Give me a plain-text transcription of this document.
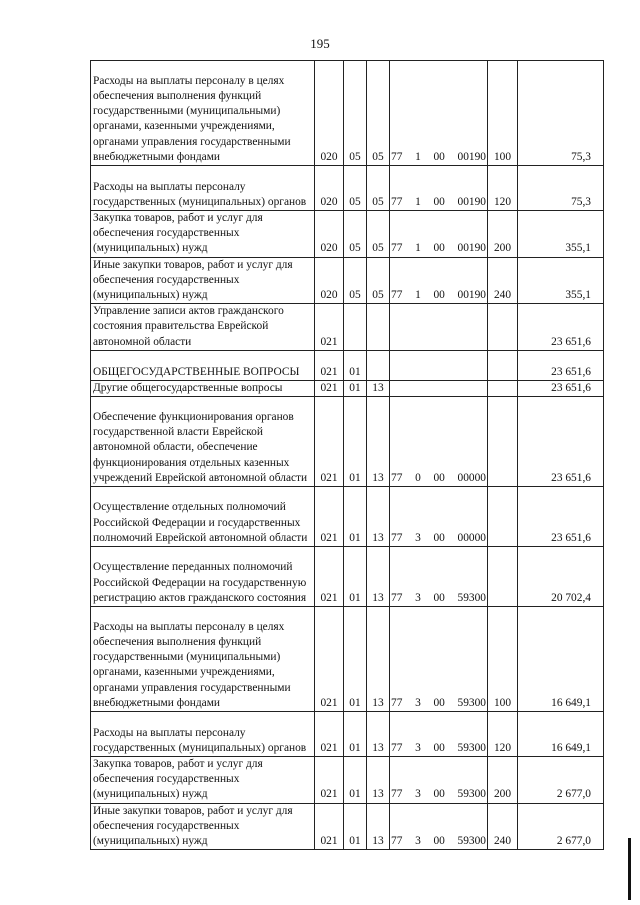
195
Расходы на выплаты персоналу в целях обеспечения выполнения функций государственными (муниципальными) органами, казенными учреждениями, органами управления государственными внебюджетными фондами	020	05	05	77 1 00 00190	100	75,3
Расходы на выплаты персоналу государственных (муниципальных) органов	020	05	05	77 1 00 00190	120	75,3
Закупка товаров, работ и услуг для обеспечения государственных (муниципальных) нужд	020	05	05	77 1 00 00190	200	355,1
Иные закупки товаров, работ и услуг для обеспечения государственных (муниципальных) нужд	020	05	05	77 1 00 00190	240	355,1
Управление записи актов гражданского состояния правительства Еврейской автономной области	021					23 651,6
ОБЩЕГОСУДАРСТВЕННЫЕ ВОПРОСЫ	021	01				23 651,6
Другие общегосударственные вопросы	021	01	13			23 651,6
Обеспечение функционирования органов государственной власти Еврейской автономной области, обеспечение функционирования отдельных казенных учреждений Еврейской автономной области	021	01	13	77 0 00 00000		23 651,6
Осуществление отдельных полномочий Российской Федерации и государственных полномочий Еврейской автономной области	021	01	13	77 3 00 00000		23 651,6
Осуществление переданных полномочий Российской Федерации на государственную регистрацию актов гражданского состояния	021	01	13	77 3 00 59300		20 702,4
Расходы на выплаты персоналу в целях обеспечения выполнения функций государственными (муниципальными) органами, казенными учреждениями, органами управления государственными внебюджетными фондами	021	01	13	77 3 00 59300	100	16 649,1
Расходы на выплаты персоналу государственных (муниципальных) органов	021	01	13	77 3 00 59300	120	16 649,1
Закупка товаров, работ и услуг для обеспечения государственных (муниципальных) нужд	021	01	13	77 3 00 59300	200	2 677,0
Иные закупки товаров, работ и услуг для обеспечения государственных (муниципальных) нужд	021	01	13	77 3 00 59300	240	2 677,0
